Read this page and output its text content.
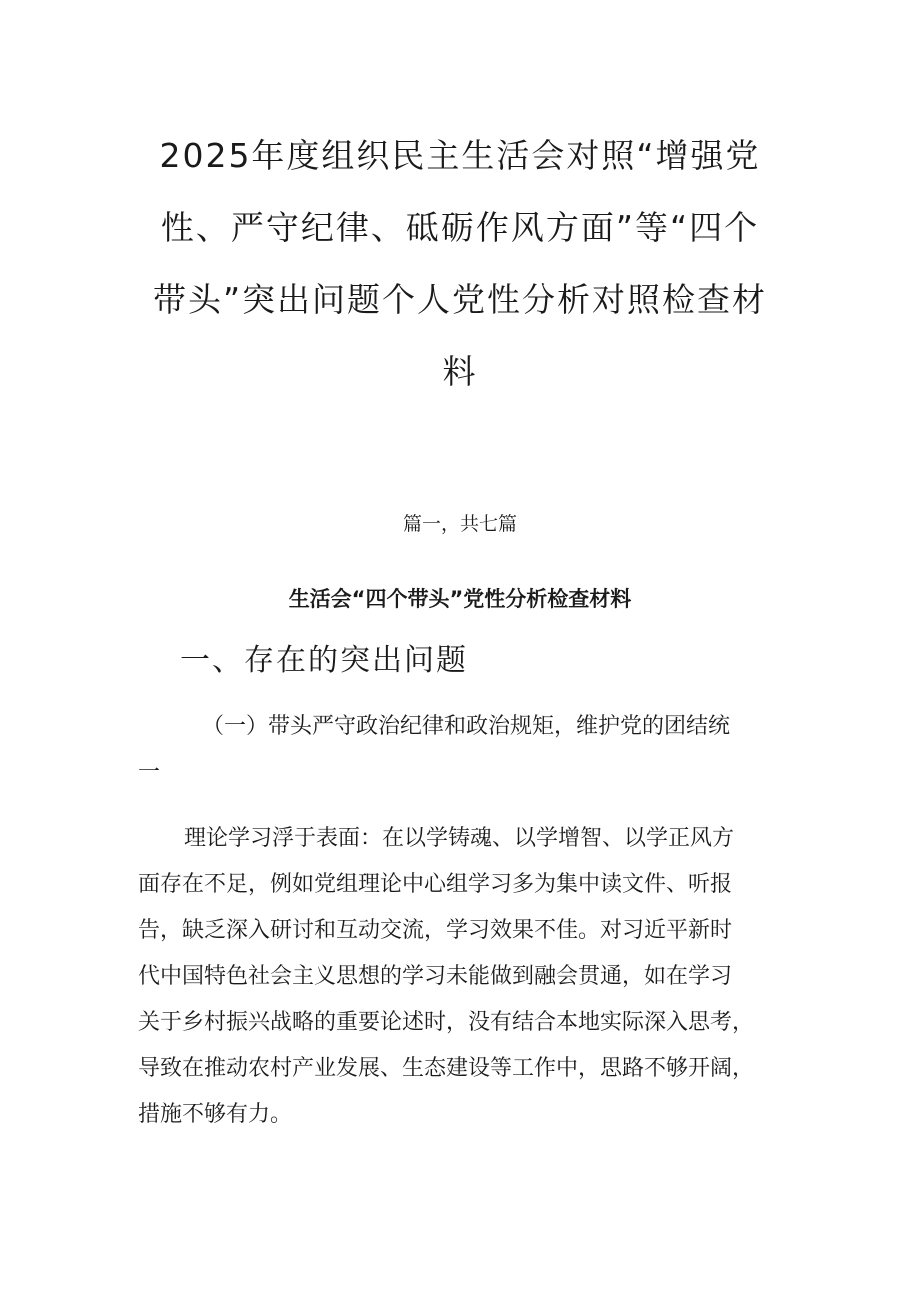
2025年度组织民主生活会对照“增强党
性、严守纪律、砥砺作风方面”等“四个
带头”突出问题个人党性分析对照检查材
料

篇一，共七篇

生活会“四个带头”党性分析检查材料
一、存在的突出问题
（一）带头严守政治纪律和政治规矩，维护党的团结统
一

理论学习浮于表面：在以学铸魂、以学增智、以学正风方
面存在不足，例如党组理论中心组学习多为集中读文件、听报
告，缺乏深入研讨和互动交流，学习效果不佳。对习近平新时
代中国特色社会主义思想的学习未能做到融会贯通，如在学习
关于乡村振兴战略的重要论述时，没有结合本地实际深入思考，
导致在推动农村产业发展、生态建设等工作中，思路不够开阔，
措施不够有力。
